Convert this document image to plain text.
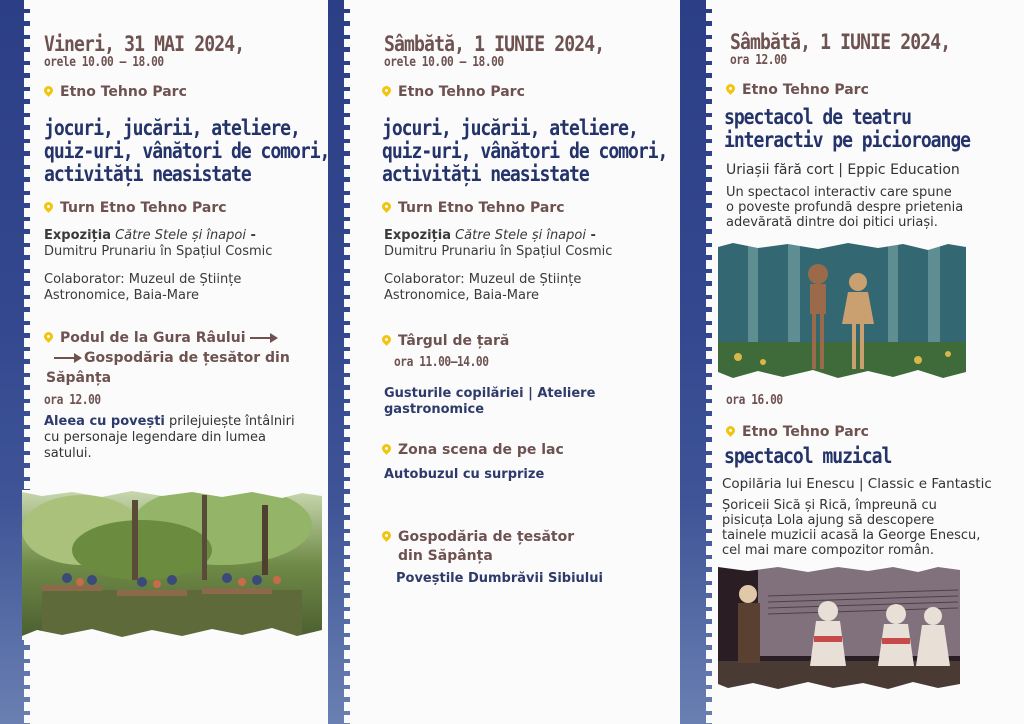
Vineri, 31 MAI 2024,
orele 10.00 – 18.00
Etno Tehno Parc
jocuri, jucării, ateliere,
quiz-uri, vânători de comori,
activități neasistate
Turn Etno Tehno Parc
Expoziția Către Stele și înapoi -
Dumitru Prunariu în Spațiul Cosmic
Colaborator: Muzeul de Științe
Astronomice, Baia-Mare
Podul de la Gura Râului
Gospodăria de țesător din
Săpânța
ora 12.00
Aleea cu povești prilejuiește întâlniri
cu personaje legendare din lumea
satului.
Sâmbătă, 1 IUNIE 2024,
orele 10.00 – 18.00
Etno Tehno Parc
jocuri, jucării, ateliere,
quiz-uri, vânători de comori,
activități neasistate
Turn Etno Tehno Parc
Expoziția Către Stele și înapoi -
Dumitru Prunariu în Spațiul Cosmic
Colaborator: Muzeul de Științe
Astronomice, Baia-Mare
Târgul de țară
ora 11.00–14.00
Gusturile copilăriei | Ateliere
gastronomice
Zona scena de pe lac
Autobuzul cu surprize
Gospodăria de țesător
din Săpânța
Poveștile Dumbrăvii Sibiului
Sâmbătă, 1 IUNIE 2024,
ora 12.00
Etno Tehno Parc
spectacol de teatru
interactiv pe picioroange
Uriașii fără cort | Eppic Education
Un spectacol interactiv care spune
o poveste profundă despre prietenia
adevărată dintre doi pitici uriași.
ora 16.00
Etno Tehno Parc
spectacol muzical
Copilăria lui Enescu | Classic e Fantastic
Șoriceii Sică și Rică, împreună cu
pisicuța Lola ajung să descopere
tainele muzicii acasă la George Enescu,
cel mai mare compozitor român.
